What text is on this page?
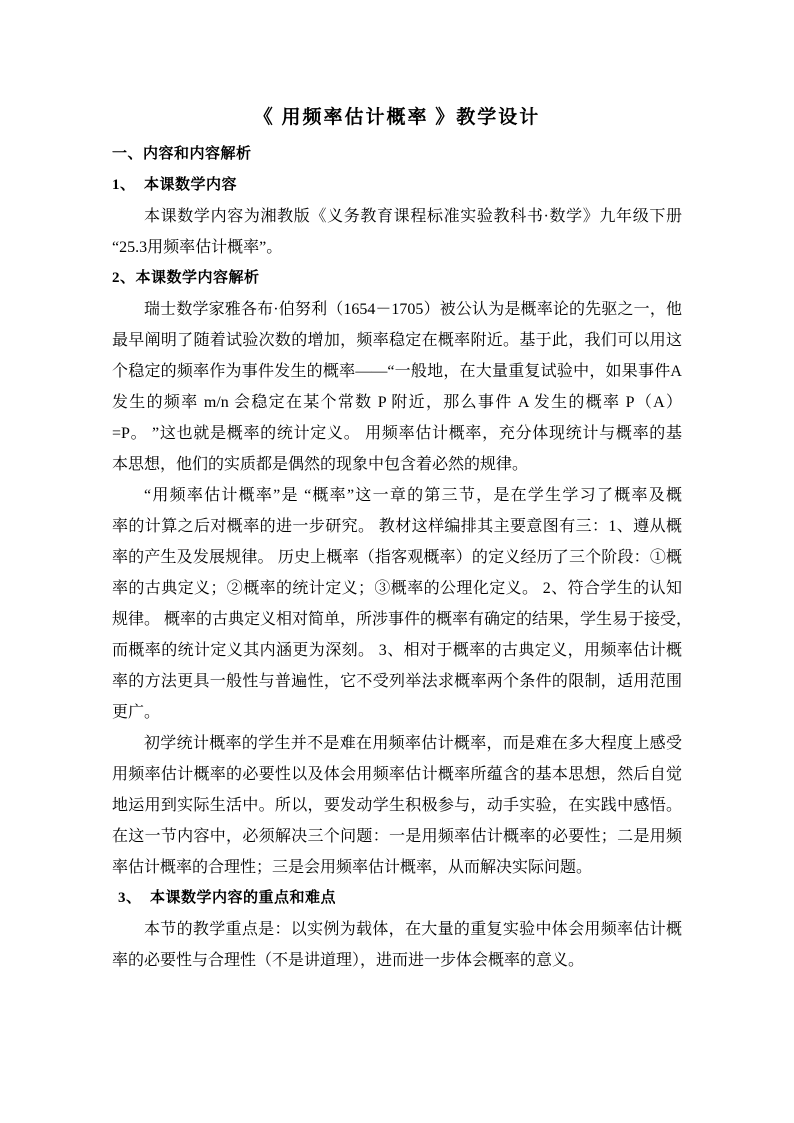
《 用频率估计概率 》教学设计
一、内容和内容解析
1、  本课数学内容
本课数学内容为湘教版《义务教育课程标准实验教科书·数学》九年级下册
“25.3用频率估计概率”。
2、本课数学内容解析
瑞士数学家雅各布·伯努利（1654－1705）被公认为是概率论的先驱之一，他
最早阐明了随着试验次数的增加，频率稳定在概率附近。基于此，我们可以用这
个稳定的频率作为事件发生的概率——“一般地，在大量重复试验中，如果事件A
发生的频率 m/n 会稳定在某个常数 P 附近，那么事件 A 发生的概率 P（A）
=P。 ”这也就是概率的统计定义。 用频率估计概率，充分体现统计与概率的基
本思想，他们的实质都是偶然的现象中包含着必然的规律。
“用频率估计概率”是 “概率”这一章的第三节，是在学生学习了概率及概
率的计算之后对概率的进一步研究。 教材这样编排其主要意图有三：1、遵从概
率的产生及发展规律。 历史上概率（指客观概率）的定义经历了三个阶段：①概
率的古典定义；②概率的统计定义；③概率的公理化定义。 2、符合学生的认知
规律。 概率的古典定义相对简单，所涉事件的概率有确定的结果，学生易于接受，
而概率的统计定义其内涵更为深刻。 3、相对于概率的古典定义，用频率估计概
率的方法更具一般性与普遍性，它不受列举法求概率两个条件的限制，适用范围
更广。
初学统计概率的学生并不是难在用频率估计概率，而是难在多大程度上感受
用频率估计概率的必要性以及体会用频率估计概率所蕴含的基本思想，然后自觉
地运用到实际生活中。所以，要发动学生积极参与，动手实验，在实践中感悟。
在这一节内容中，必须解决三个问题：一是用频率估计概率的必要性；二是用频
率估计概率的合理性；三是会用频率估计概率，从而解决实际问题。
3、  本课数学内容的重点和难点
本节的教学重点是：以实例为载体，在大量的重复实验中体会用频率估计概
率的必要性与合理性（不是讲道理），进而进一步体会概率的意义。
